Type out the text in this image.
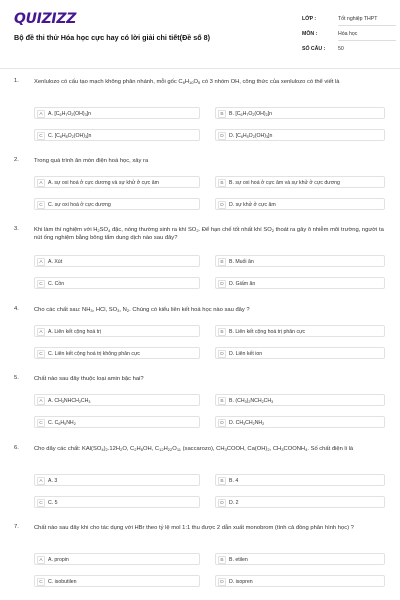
QUIZIZZ
Bộ đề thi thử Hóa học cực hay có lời giải chi tiết(Đề số 8)
LỚP :	Tốt nghiệp THPT
MÔN :	Hóa học
SỐ CÂU :	50
1.	Xenlulozo có cấu tạo mạch không phân nhánh, mỗi gốc $C_6H_{10}O_5$ có 3 nhóm OH, công thức của xenlulozo có thể viết là
2.	Trong quá trình ăn mòn điện hoá học, xảy ra
3.	Khi làm thí nghiệm với $H_2SO_4$ đặc, nóng thường sinh ra khí $SO_2$. Để hạn chế tốt nhất khí $SO_2$ thoát ra gây ô nhiễm môi trường, người ta nút ống nghiệm bằng bông tẩm dung dịch nào sau đây?
4.	Cho các chất sau: $NH_3$, HCl, $SO_3$, $N_2$. Chúng có kiểu liên kết hoá học nào sau đây ?
5.	Chất nào sau đây thuộc loại amin bậc hai?
6.	Cho dãy các chất: $KAl(SO_4)_2.12H_2O$, $C_2H_5OH$, $C_{12}H_{22}O_{11}$ (saccarozo), $CH_3COOH$, $Ca(OH)_2$, $CH_3COONH_4$. Số chất điện li là
7.	Chất nào sau đây khi cho tác dụng với HBr theo tỷ lệ mol 1:1 thu được 2 dẫn xuất monobrom (tính cả đồng phân hình học) ?
A	A. $[C_6H_7O_2(OH)_3]n$	B	B. $[C_6H_7O_2(OH)_2]n$
C	C. $[C_6H_8O_2(OH)_3]n$	D	D. $[C_6H_5O_2(OH)_3]n$
A	A. sự oxi hoá ở cực dương và sự khử ở cực âm	B	B. sự oxi hoá ở cực âm và sự khử ở cực dương
C	C. sự oxi hoá ở cực dương	D	D. sự khử ở cực âm
A	A. Xút	B	B. Muối ăn
C	C. Cồn	D	D. Giấm ăn
A	A. Liên kết cộng hoá trị	B	B. Liên kết cộng hoá trị phân cực
C	C. Liên kết cộng hoá trị không phân cực	D	D. Liên kết ion
A	A. $CH_3NHCH_2CH_3$	B	B. $(CH_3)_2NCH_2CH_3$
C	C. $C_6H_5NH_2$	D	D. $CH_3CH_2NH_2$
A	A. 3	B	B. 4
C	C. 5	D	D. 2
A	A. propin	B	B. etilen
C	C. isobutilen	D	D. isopren
